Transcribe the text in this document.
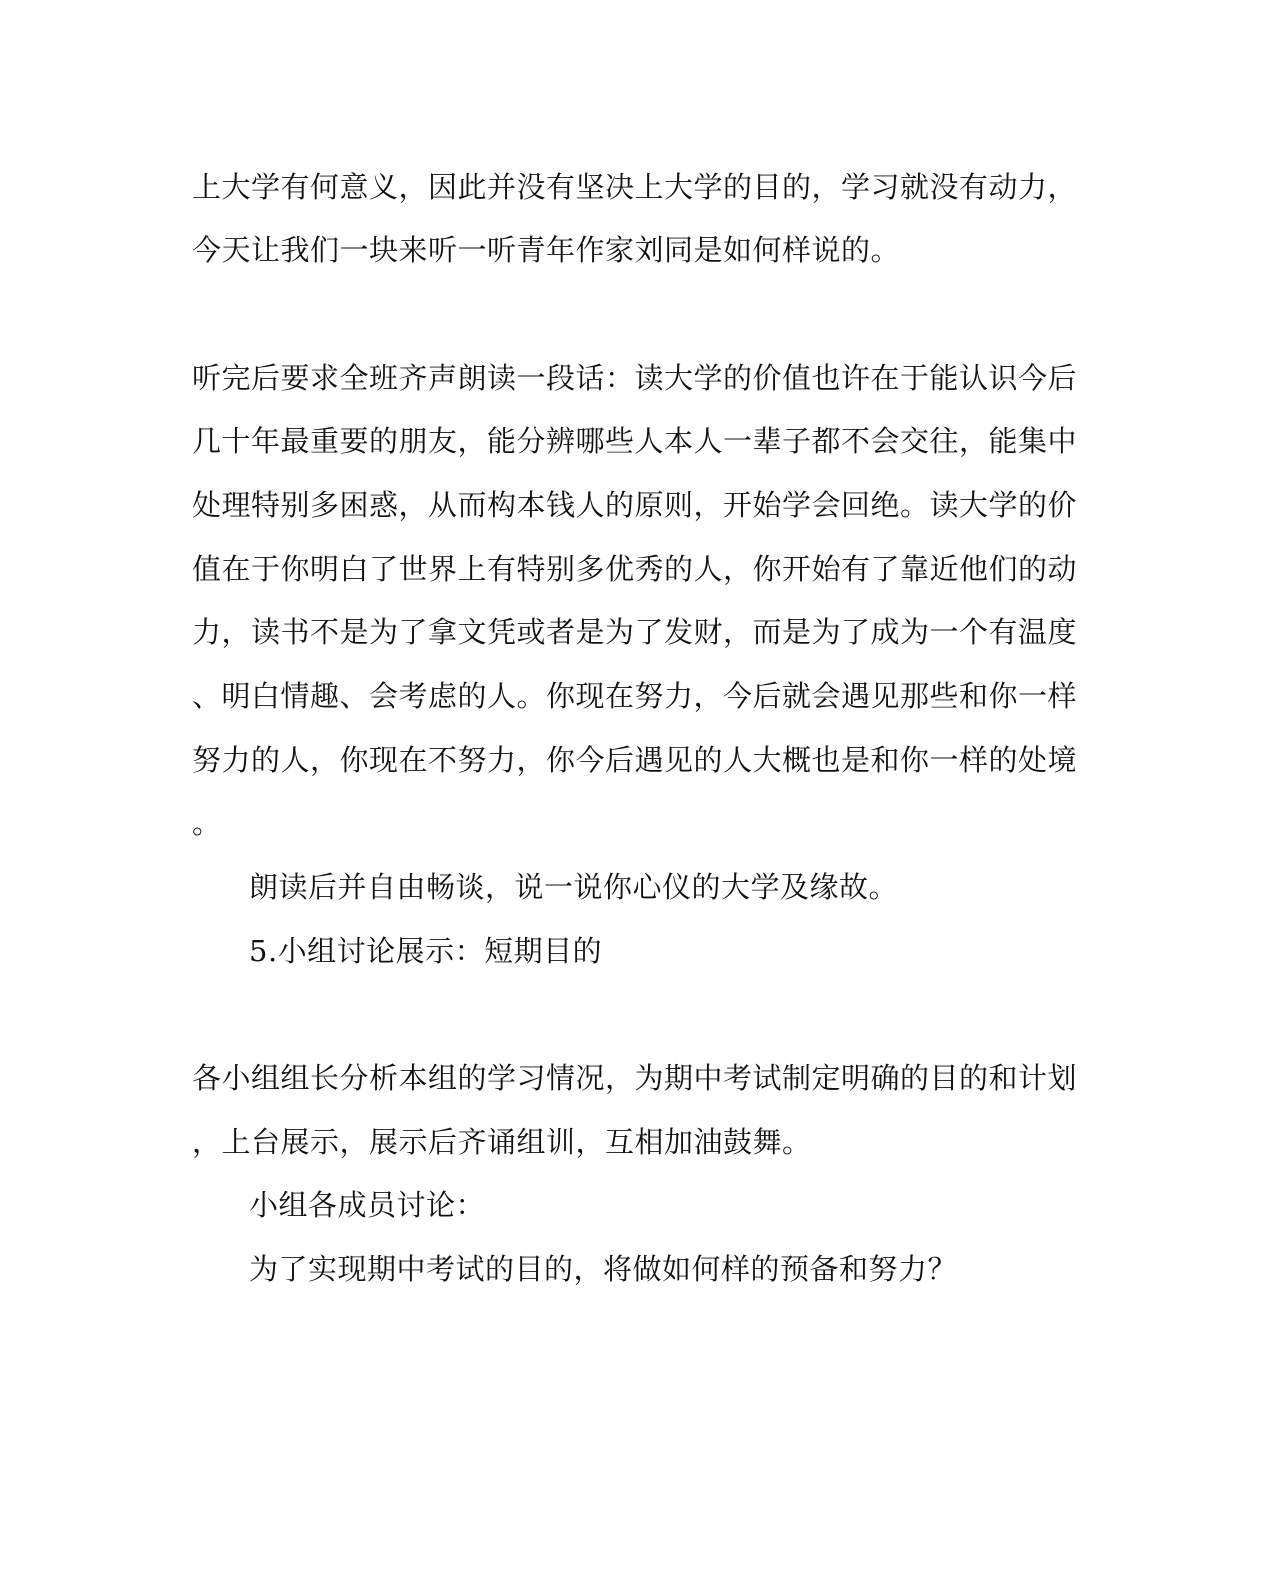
上大学有何意义，因此并没有坚决上大学的目的，学习就没有动力，
今天让我们一块来听一听青年作家刘同是如何样说的。
听完后要求全班齐声朗读一段话：读大学的价值也许在于能认识今后
几十年最重要的朋友，能分辨哪些人本人一辈子都不会交往，能集中
处理特别多困惑，从而构本钱人的原则，开始学会回绝。读大学的价
值在于你明白了世界上有特别多优秀的人，你开始有了靠近他们的动
力，读书不是为了拿文凭或者是为了发财，而是为了成为一个有温度
、明白情趣、会考虑的人。你现在努力，今后就会遇见那些和你一样
努力的人，你现在不努力，你今后遇见的人大概也是和你一样的处境
。
朗读后并自由畅谈，说一说你心仪的大学及缘故。
5.小组讨论展示：短期目的
各小组组长分析本组的学习情况，为期中考试制定明确的目的和计划
，上台展示，展示后齐诵组训，互相加油鼓舞。
小组各成员讨论：
为了实现期中考试的目的，将做如何样的预备和努力？
